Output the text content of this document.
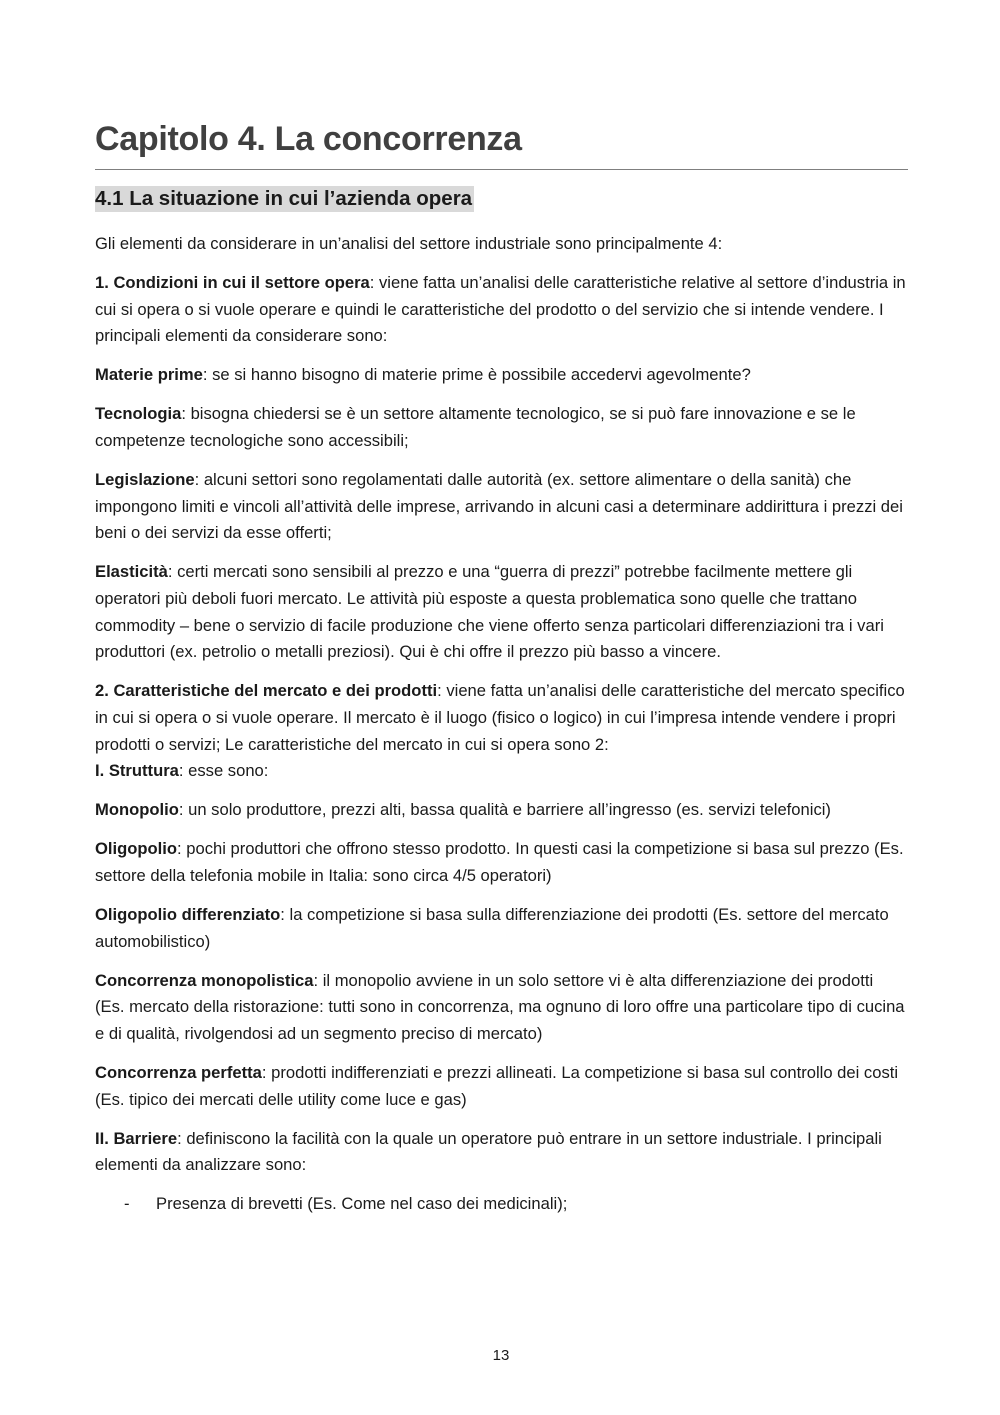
Capitolo 4. La concorrenza
4.1 La situazione in cui l’azienda opera

Gli elementi da considerare in un’analisi del settore industriale sono principalmente 4:

1. Condizioni in cui il settore opera: viene fatta un’analisi delle caratteristiche relative al settore d’industria in cui si opera o si vuole operare e quindi le caratteristiche del prodotto o del servizio che si intende vendere. I principali elementi da considerare sono:

Materie prime: se si hanno bisogno di materie prime è possibile accedervi agevolmente?

Tecnologia: bisogna chiedersi se è un settore altamente tecnologico, se si può fare innovazione e se le competenze tecnologiche sono accessibili;

Legislazione: alcuni settori sono regolamentati dalle autorità (ex. settore alimentare o della sanità) che impongono limiti e vincoli all’attività delle imprese, arrivando in alcuni casi a determinare addirittura i prezzi dei beni o dei servizi da esse offerti;

Elasticità: certi mercati sono sensibili al prezzo e una “guerra di prezzi” potrebbe facilmente mettere gli operatori più deboli fuori mercato. Le attività più esposte a questa problematica sono quelle che trattano commodity – bene o servizio di facile produzione che viene offerto senza particolari differenziazioni tra i vari produttori (ex. petrolio o metalli preziosi). Qui è chi offre il prezzo più basso a vincere.

2. Caratteristiche del mercato e dei prodotti: viene fatta un’analisi delle caratteristiche del mercato specifico in cui si opera o si vuole operare. Il mercato è il luogo (fisico o logico) in cui l’impresa intende vendere i propri prodotti o servizi; Le caratteristiche del mercato in cui si opera sono 2:

I. Struttura: esse sono:

Monopolio: un solo produttore, prezzi alti, bassa qualità e barriere all’ingresso (es. servizi telefonici)

Oligopolio: pochi produttori che offrono stesso prodotto. In questi casi la competizione si basa sul prezzo (Es. settore della telefonia mobile in Italia: sono circa 4/5 operatori)

Oligopolio differenziato: la competizione si basa sulla differenziazione dei prodotti (Es. settore del mercato automobilistico)

Concorrenza monopolistica: il monopolio avviene in un solo settore vi è alta differenziazione dei prodotti (Es. mercato della ristorazione: tutti sono in concorrenza, ma ognuno di loro offre una particolare tipo di cucina e di qualità, rivolgendosi ad un segmento preciso di mercato)

Concorrenza perfetta: prodotti indifferenziati e prezzi allineati. La competizione si basa sul controllo dei costi (Es. tipico dei mercati delle utility come luce e gas)

II. Barriere: definiscono la facilità con la quale un operatore può entrare in un settore industriale. I principali elementi da analizzare sono:

- Presenza di brevetti (Es. Come nel caso dei medicinali);

13
